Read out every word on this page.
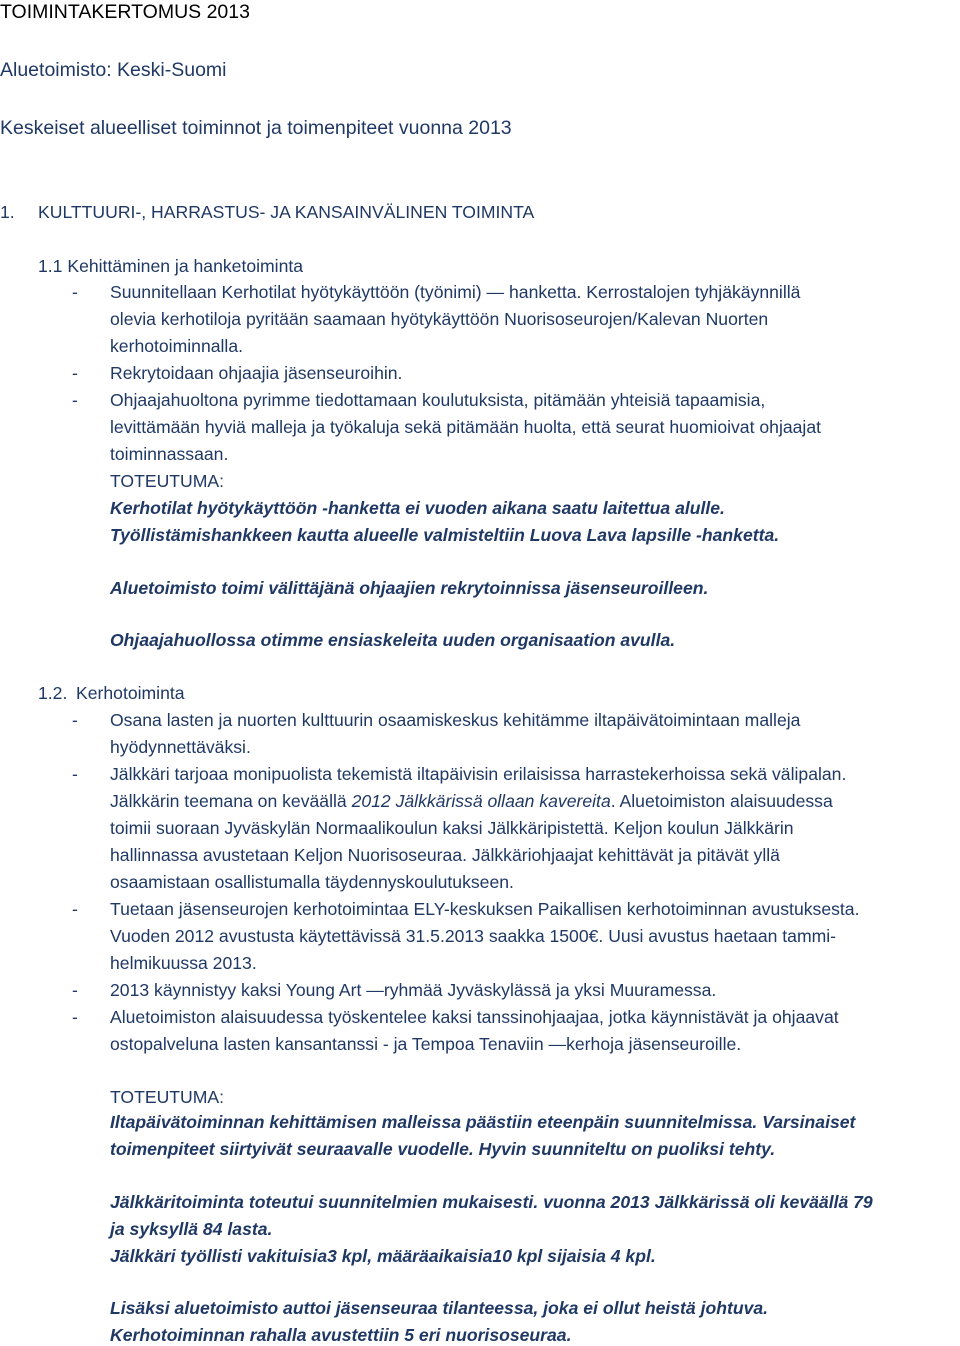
TOIMINTAKERTOMUS 2013
Aluetoimisto: Keski-Suomi
Keskeiset alueelliset toiminnot ja toimenpiteet vuonna 2013
1. KULTTUURI-, HARRASTUS- JA KANSAINVÄLINEN TOIMINTA
1.1 Kehittäminen ja hanketoiminta
- Suunnitellaan Kerhotilat hyötykäyttöön (työnimi) — hanketta. Kerrostalojen tyhjäkäynnillä
olevia kerhotiloja pyritään saamaan hyötykäyttöön Nuorisoseurojen/Kalevan Nuorten
kerhotoiminnalla.
- Rekrytoidaan ohjaajia jäsenseuroihin.
- Ohjaajahuoltona pyrimme tiedottamaan koulutuksista, pitämään yhteisiä tapaamisia,
levittämään hyviä malleja ja työkaluja sekä pitämään huolta, että seurat huomioivat ohjaajat
toiminnassaan.
TOTEUTUMA:
Kerhotilat hyötykäyttöön -hanketta ei vuoden aikana saatu laitettua alulle.
Työllistämishankkeen kautta alueelle valmisteltiin Luova Lava lapsille -hanketta.
Aluetoimisto toimi välittäjänä ohjaajien rekrytoinnissa jäsenseuroilleen.
Ohjaajahuollossa otimme ensiaskeleita uuden organisaation avulla.
1.2. Kerhotoiminta
- Osana lasten ja nuorten kulttuurin osaamiskeskus kehitämme iltapäivätoimintaan malleja
hyödynnettäväksi.
- Jälkkäri tarjoaa monipuolista tekemistä iltapäivisin erilaisissa harrastekerhoissa sekä välipalan.
Jälkkärin teemana on keväällä 2012 Jälkkärissä ollaan kavereita. Aluetoimiston alaisuudessa
toimii suoraan Jyväskylän Normaalikoulun kaksi Jälkkäripistettä. Keljon koulun Jälkkärin
hallinnassa avustetaan Keljon Nuorisoseuraa. Jälkkäriohjaajat kehittävät ja pitävät yllä
osaamistaan osallistumalla täydennyskoulutukseen.
- Tuetaan jäsenseurojen kerhotoimintaa ELY-keskuksen Paikallisen kerhotoiminnan avustuksesta.
Vuoden 2012 avustusta käytettävissä 31.5.2013 saakka 1500€. Uusi avustus haetaan tammi-
helmikuussa 2013.
- 2013 käynnistyy kaksi Young Art —ryhmää Jyväskylässä ja yksi Muuramessa.
- Aluetoimiston alaisuudessa työskentelee kaksi tanssinohjaajaa, jotka käynnistävät ja ohjaavat
ostopalveluna lasten kansantanssi - ja Tempoa Tenaviin —kerhoja jäsenseuroille.
TOTEUTUMA:
Iltapäivätoiminnan kehittämisen malleissa päästiin eteenpäin suunnitelmissa. Varsinaiset
toimenpiteet siirtyivät seuraavalle vuodelle. Hyvin suunniteltu on puoliksi tehty.
Jälkkäritoiminta toteutui suunnitelmien mukaisesti. vuonna 2013 Jälkkärissä oli keväällä 79
ja syksyllä 84 lasta.
Jälkkäri työllisti vakituisia3 kpl, määräaikaisia10 kpl sijaisia 4 kpl.
Lisäksi aluetoimisto auttoi jäsenseuraa tilanteessa, joka ei ollut heistä johtuva.
Kerhotoiminnan rahalla avustettiin 5 eri nuorisoseuraa.
